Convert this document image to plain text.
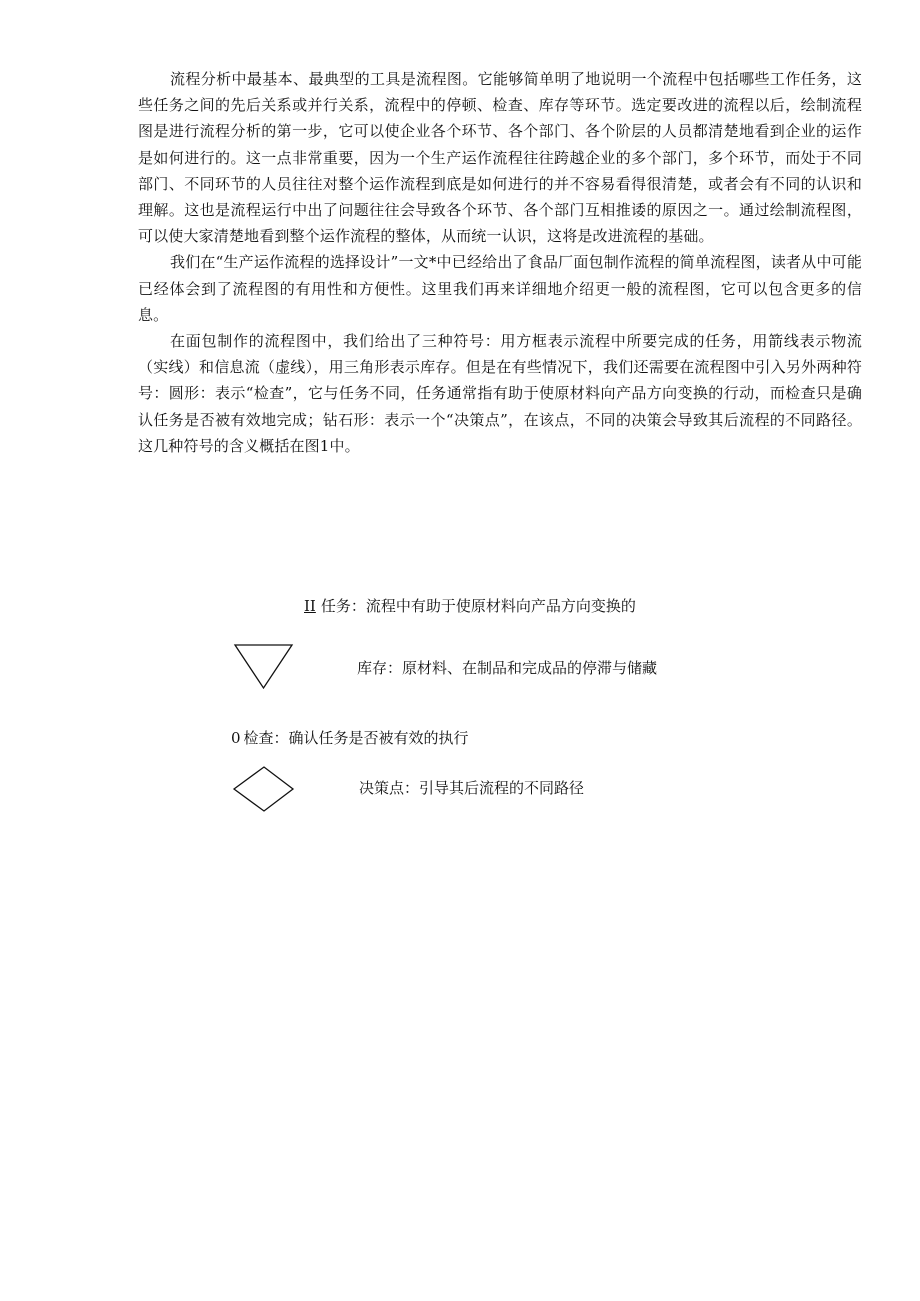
流程分析中最基本、最典型的工具是流程图。它能够简单明了地说明一个流程中包括哪些工作任务，这些任务之间的先后关系或并行关系，流程中的停顿、检查、库存等环节。选定要改进的流程以后，绘制流程图是进行流程分析的第一步，它可以使企业各个环节、各个部门、各个阶层的人员都清楚地看到企业的运作是如何进行的。这一点非常重要，因为一个生产运作流程往往跨越企业的多个部门，多个环节，而处于不同部门、不同环节的人员往往对整个运作流程到底是如何进行的并不容易看得很清楚，或者会有不同的认识和理解。这也是流程运行中出了问题往往会导致各个环节、各个部门互相推诿的原因之一。通过绘制流程图，可以使大家清楚地看到整个运作流程的整体，从而统一认识，这将是改进流程的基础。

我们在“生产运作流程的选择设计”一文*中已经给出了食品厂面包制作流程的简单流程图，读者从中可能已经体会到了流程图的有用性和方便性。这里我们再来详细地介绍更一般的流程图，它可以包含更多的信息。

在面包制作的流程图中，我们给出了三种符号：用方框表示流程中所要完成的任务，用箭线表示物流（实线）和信息流（虚线），用三角形表示库存。但是在有些情况下，我们还需要在流程图中引入另外两种符号：圆形：表示“检查”，它与任务不同，任务通常指有助于使原材料向产品方向变换的行动，而检查只是确认任务是否被有效地完成；钻石形：表示一个“决策点”，在该点，不同的决策会导致其后流程的不同路径。这几种符号的含义概括在图1中。

II 任务：流程中有助于使原材料向产品方向变换的
库存：原材料、在制品和完成品的停滞与储藏
0 检查：确认任务是否被有效的执行
决策点：引导其后流程的不同路径
